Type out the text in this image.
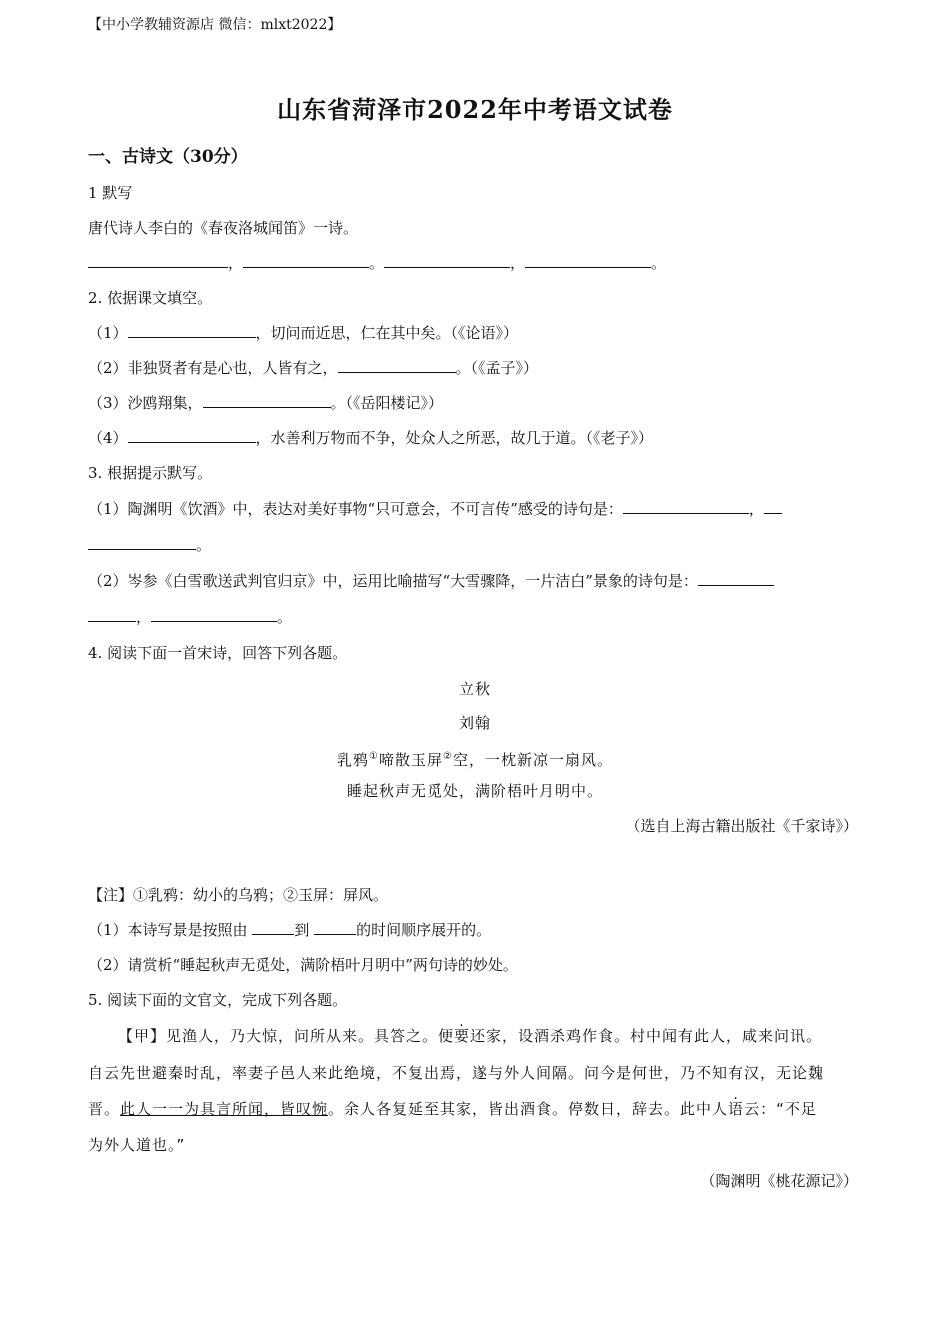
【中小学教辅资源店 微信：mlxt2022】
山东省菏泽市2022年中考语文试卷
一、古诗文（30分）
1 默写
唐代诗人李白的《春夜洛城闻笛》一诗。
，	。	，	。
2. 依据课文填空。
（1）	，切问而近思，仁在其中矣。（《论语》）
（2）非独贤者有是心也，人皆有之，	。（《孟子》）
（3）沙鸥翔集，	。（《岳阳楼记》）
（4）	，水善利万物而不争，处众人之所恶，故几于道。（《老子》）
3. 根据提示默写。
（1）陶渊明《饮酒》中，表达对美好事物“只可意会，不可言传”感受的诗句是：	，
。
（2）岑参《白雪歌送武判官归京》中，运用比喻描写“大雪骤降，一片洁白”景象的诗句是：
，	。
4. 阅读下面一首宋诗，回答下列各题。
立秋
刘翰
乳鸦①啼散玉屏②空，一枕新凉一扇风。
睡起秋声无觅处，满阶梧叶月明中。
（选自上海古籍出版社《千家诗》）
【注】①乳鸦：幼小的乌鸦；②玉屏：屏风。
（1）本诗写景是按照由	到	的时间顺序展开的。
（2）请赏析“睡起秋声无觅处，满阶梧叶月明中”两句诗的妙处。
5. 阅读下面的文官文，完成下列各题。
【甲】见渔人，乃大惊，问所从来。具答之。便要还家，设酒杀鸡作食。村中闻有此人，咸来问讯。
自云先世避秦时乱，率妻子邑人来此绝境，不复出焉，遂与外人间隔。问今是何世，乃不知有汉，无论魏
晋。此人一一为具言所闻，皆叹惋。余人各复延至其家，皆出酒食。停数日，辞去。此中人语云：“不足
为外人道也。”
（陶渊明《桃花源记》）
